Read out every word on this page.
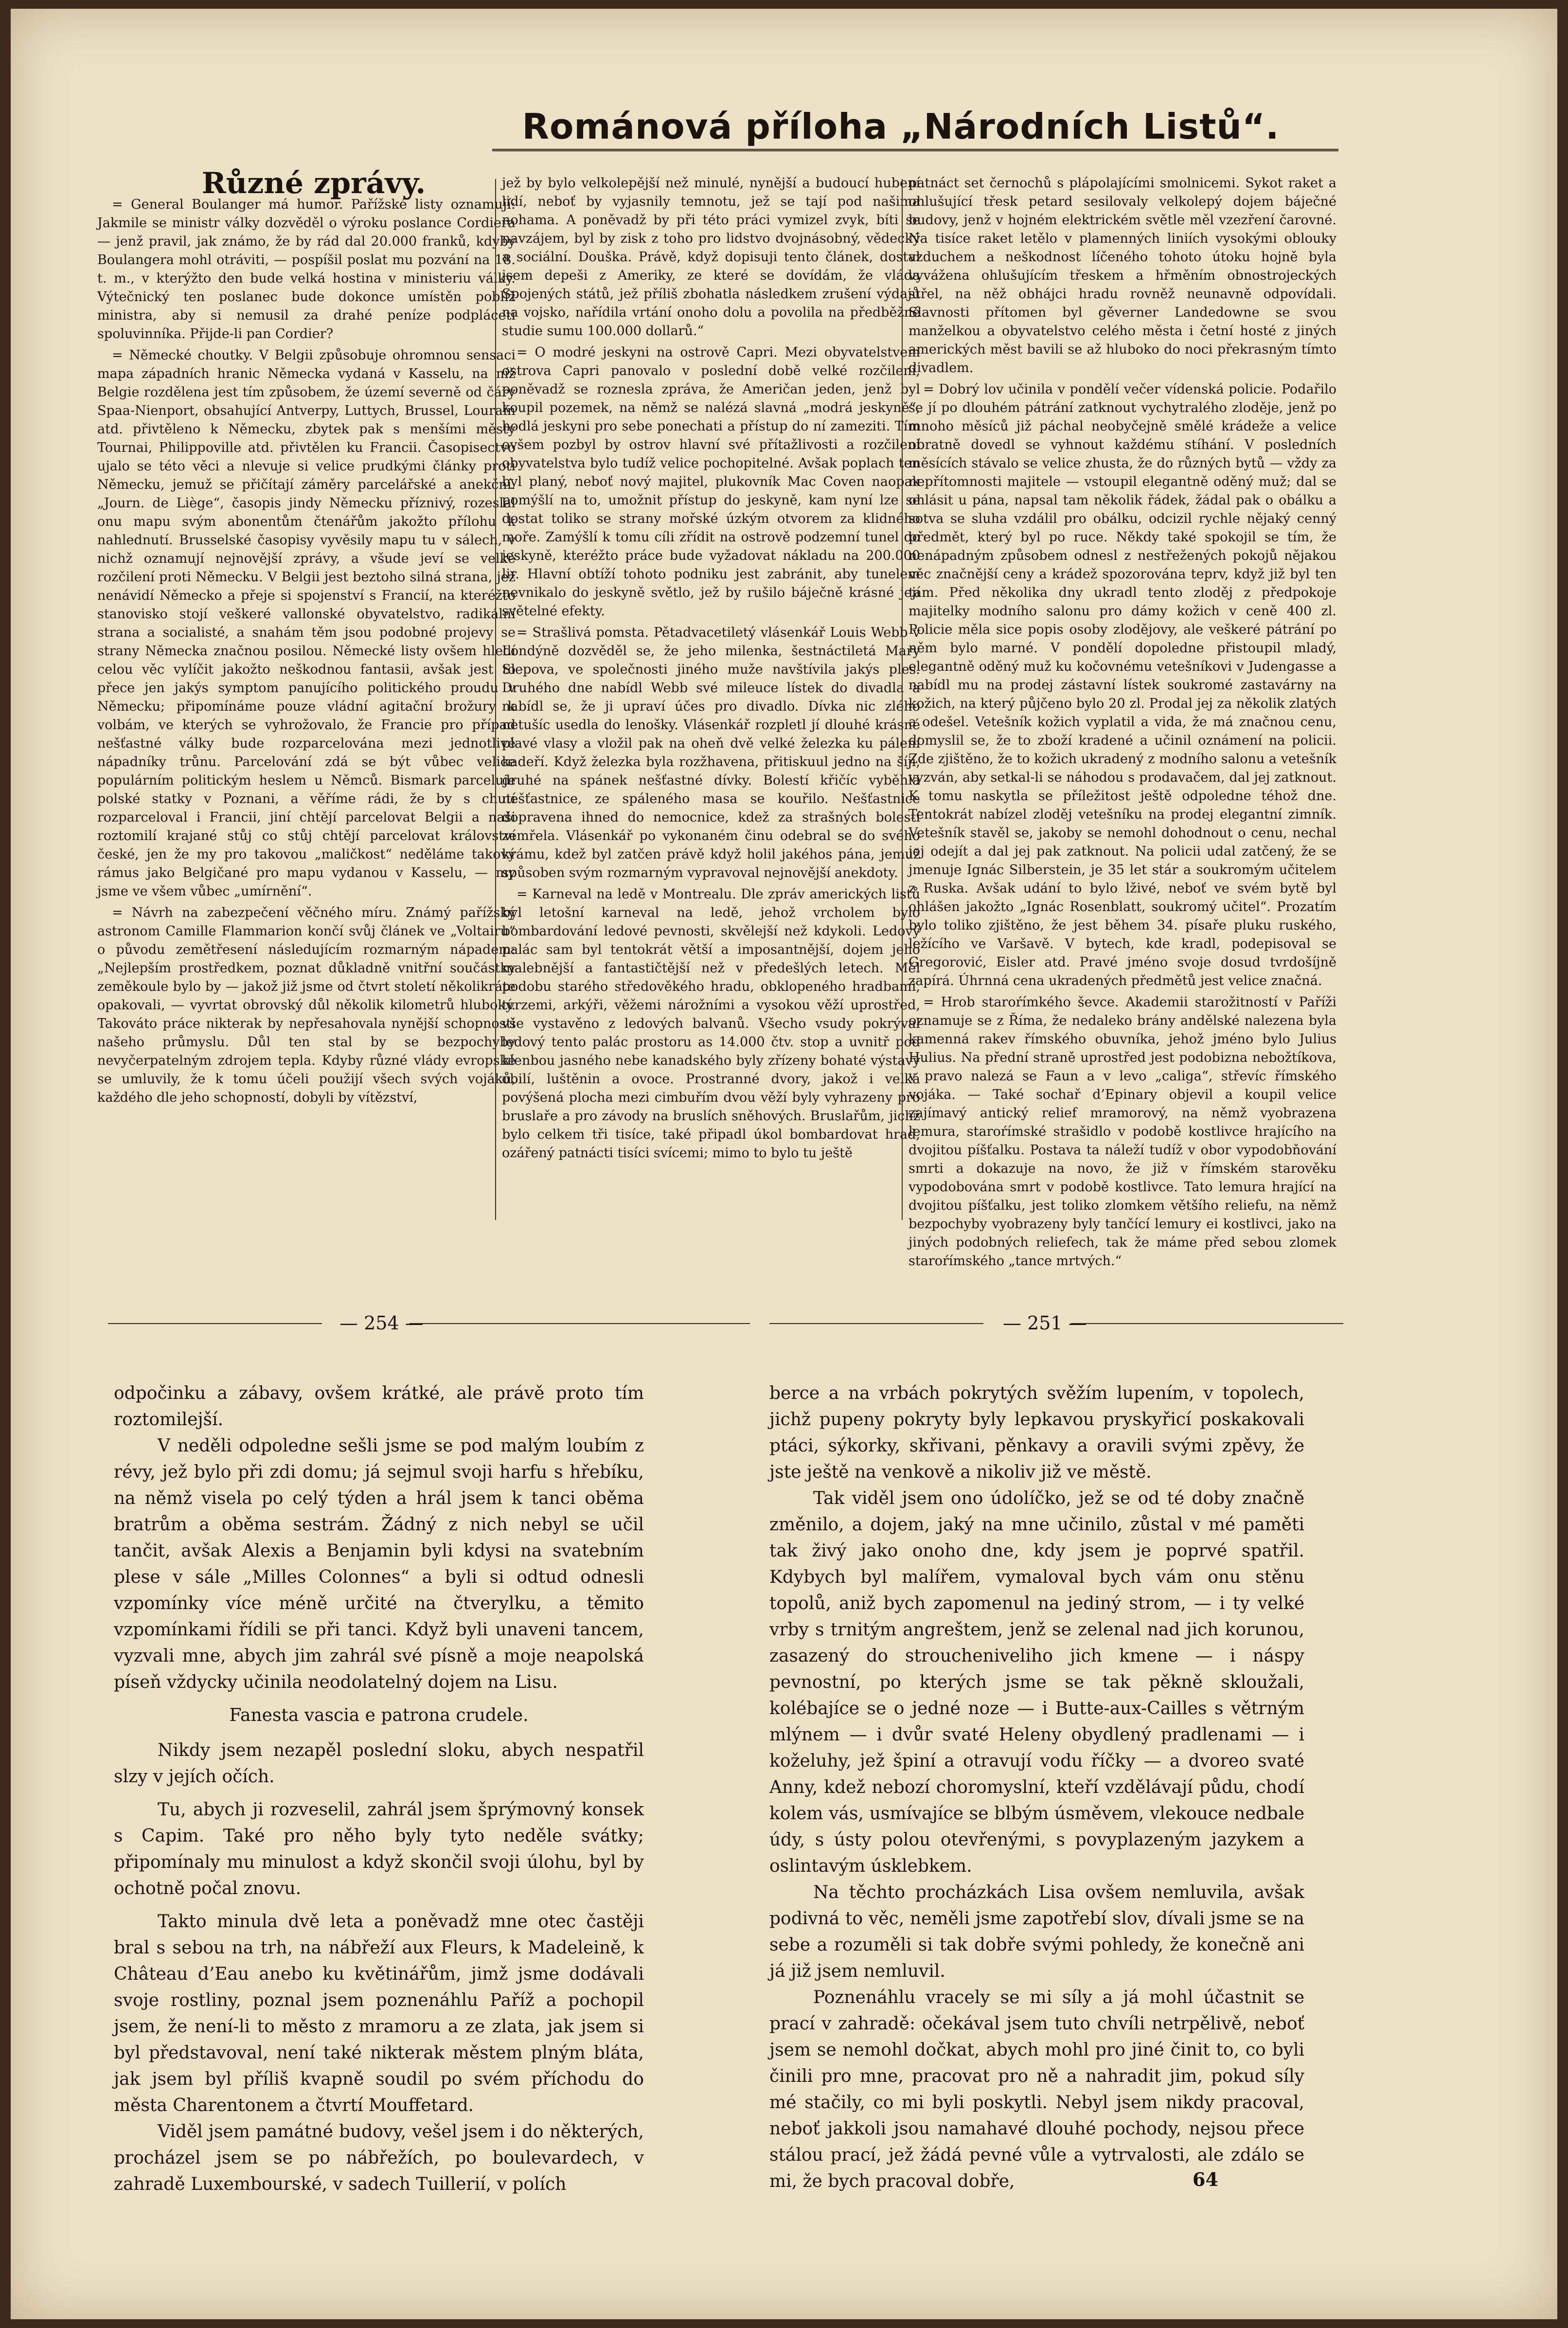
Románová příloha „Národních Listů“.

Různé zprávy.

= General Boulanger má humor. Pařížské listy oznamují: Jakmile se ministr války dozvěděl o výroku poslance Cordiera — jenž pravil, jak známo, že by rád dal 20.000 franků, kdyby Boulangera mohl otráviti, — pospíšil poslat mu pozvání na 18. t. m., v kterýžto den bude velká hostina v ministeriu války. Výtečnický ten poslanec bude dokonce umístěn poblíž ministra, aby si nemusil za drahé peníze podpláceti spoluvinníka. Přijde-li pan Cordier?

= Německé choutky. V Belgii způsobuje ohromnou sensaci mapa západních hranic Německa vydaná v Kasselu, na níž Belgie rozdělena jest tím způsobem, že území severně od čáry Spaa-Nienport, obsahující Antverpy, Luttych, Brussel, Lourain atd. přivtěleno k Německu, zbytek pak s menšími městy Tournai, Philippoville atd. přivtělen ku Francii. Časopisectvo ujalo se této věci a nlevuje si velice prudkými články proti Německu, jemuž se přičítají záměry parcelářské a anekční. „Journ. de Liège“, časopis jindy Německu příznivý, rozeslal onu mapu svým abonentům čtenářům jakožto přílohu k nahlednutí. Brusselské časopisy vyvěsily mapu tu v sálech, v nichž oznamují nejnovější zprávy, a všude jeví se velké rozčilení proti Německu. V Belgii jest beztoho silná strana, jež nenávidí Německo a přeje si spojenství s Francií, na kteréžto stanovisko stojí veškeré vallonské obyvatelstvo, radikální strana a socialisté, a snahám těm jsou podobné projevy se strany Německa značnou posilou. Německé listy ovšem hledí celou věc vylíčit jakožto neškodnou fantasii, avšak jest to přece jen jakýs symptom panujícího politického proudu v Německu; připomínáme pouze vládní agitační brožury k volbám, ve kterých se vyhrožovalo, že Francie pro případ nešťastné války bude rozparcelována mezi jednotlivé nápadníky trůnu. Parcelování zdá se být vůbec velice populárním politickým heslem u Němců. Bismark parceluje polské statky v Poznani, a věříme rádi, že by s chutí rozparceloval i Francii, jiní chtějí parcelovat Belgii a naši roztomilí krajané stůj co stůj chtějí parcelovat království české, jen že my pro takovou „maličkost“ neděláme takový rámus jako Belgičané pro mapu vydanou v Kasselu, — my jsme ve všem vůbec „umírnění“.

= Návrh na zabezpečení věčného míru. Známý pařížský astronom Camille Flammarion končí svůj článek ve „Voltairu“ o původu zemětřesení následujícím rozmarným nápadem: „Nejlepším prostředkem, poznat důkladně vnitřní součástky zeměkoule bylo by — jakož již jsme od čtvrt století několikráte opakovali, — vyvrtat obrovský důl několik kilometrů hluboký. Takováto práce nikterak by nepřesahovala nynější schopnosti našeho průmyslu. Důl ten stal by se bezpochyby nevyčerpatelným zdrojem tepla. Kdyby různé vlády evropské se umluvily, že k tomu účeli použijí všech svých vojáků, každého dle jeho schopností, dobyli by vítězství,

jež by bylo velkolepější než minulé, nynější a budoucí hubení lidí, neboť by vyjasnily temnotu, jež se tají pod našima nohama. A poněvadž by při této práci vymizel zvyk, bíti se navzájem, byl by zisk z toho pro lidstvo dvojnásobný, vědecký a sociální. Douška. Právě, když dopisuji tento článek, dostal jsem depeši z Ameriky, ze které se dovídám, že vláda Spojených států, jež příliš zbohatla následkem zrušení výdajů na vojsko, nařídila vrtání onoho dolu a povolila na předběžné studie sumu 100.000 dollarů.“

= O modré jeskyni na ostrově Capri. Mezi obyvatelstvem ostrova Capri panovalo v poslední době velké rozčilení, poněvadž se roznesla zpráva, že Američan jeden, jenž byl koupil pozemek, na němž se nalézá slavná „modrá jeskyně“, hodlá jeskyni pro sebe ponechati a přístup do ní zameziti. Tím ovšem pozbyl by ostrov hlavní své přítažlivosti a rozčilení obyvatelstva bylo tudíž velice pochopitelné. Avšak poplach ten byl planý, neboť nový majitel, plukovník Mac Coven naopak pomýšlí na to, umožnit přístup do jeskyně, kam nyní lze se dostat toliko se strany mořské úzkým otvorem za klidného moře. Zamýšlí k tomu cíli zřídit na ostrově podzemní tunel do jeskyně, kteréžto práce bude vyžadovat nákladu na 200.000 lir. Hlavní obtíží tohoto podniku jest zabránit, aby tunelem nevnikalo do jeskyně světlo, jež by rušilo báječně krásné její světelné efekty.

= Strašlivá pomsta. Pětadvacetiletý vlásenkář Louis Webb v Londýně dozvěděl se, že jeho milenka, šestnáctiletá Mary Slepova, ve společnosti jiného muže navštívila jakýs ples. Druhého dne nabídl Webb své mileuce lístek do divadla a nabídl se, že ji upraví účes pro divadlo. Dívka nic zlého netušíc usedla do lenošky. Vlásenkář rozpletl jí dlouhé krásné plavé vlasy a vložil pak na oheň dvě velké železka ku pálení kadeří. Když železka byla rozžhavena, přitiskuul jedno na šíji, druhé na spánek nešťastné dívky. Bolestí křičíc vyběhla nešťastnice, ze spáleného masa se kouřilo. Nešťastnice dopravena ihned do nemocnice, kdež za strašných bolestí zemřela. Vlásenkář po vykonaném činu odebral se do svého krámu, kdež byl zatčen právě když holil jakéhos pána, jemuž spůsoben svým rozmarným vypravoval nejnovější anekdoty.

= Karneval na ledě v Montrealu. Dle zpráv amerických listů byl letošní karneval na ledě, jehož vrcholem bylo bombardování ledové pevnosti, skvělejší než kdykoli. Ledový palác sam byl tentokrát větší a imposantnější, dojem jeho malebnější a fantastičtější než v předešlých letech. Měl podobu starého středověkého hradu, obklopeného hradbami, tvrzemi, arkýři, věžemi nárožními a vysokou věží uprostřed, vše vystavěno z ledových balvanů. Všecho vsudy pokrýval ledový tento palác prostoru as 14.000 čtv. stop a uvnitř pod klenbou jasného nebe kanadského byly zřízeny bohaté výstavy obilí, luštěnin a ovoce. Prostranné dvory, jakož i velká povýšená plocha mezi cimbuřím dvou věží byly vyhrazeny pro bruslaře a pro závody na bruslích sněhových. Bruslařům, jichž bylo celkem tři tisíce, také připadl úkol bombardovat hrad, ozářený patnácti tisíci svícemi; mimo to bylo tu ještě

patnáct set černochů s plápolajícími smolnicemi. Sykot raket a ohlušující třesk petard sesilovaly velkolepý dojem báječné budovy, jenž v hojném elektrickém světle měl vzezření čarovné. Na tisíce raket letělo v plamenných liniích vysokými oblouky vzduchem a neškodnost líčeného tohoto útoku hojně byla vyvážena ohlušujícím třeskem a hřměním obnostrojeckých střel, na něž obhájci hradu rovněž neunavně odpovídali. Slavnosti přítomen byl gěverner Landedowne se svou manželkou a obyvatelstvo celého města i četní hosté z jiných amerických měst bavili se až hluboko do noci překrasným tímto divadlem.

= Dobrý lov učinila v pondělí večer vídenská policie. Podařilo se jí po dlouhém pátrání zatknout vychytralého zloděje, jenž po mnoho měsíců již páchal neobyčejně smělé krádeže a velice obratně dovedl se vyhnout každému stíhání. V posledních měsících stávalo se velice zhusta, že do různých bytů — vždy za nepřítomnosti majitele — vstoupil elegantně oděný muž; dal se ohlásit u pána, napsal tam několik řádek, žádal pak o obálku a sotva se sluha vzdálil pro obálku, odcizil rychle nějaký cenný předmět, který byl po ruce. Někdy také spokojil se tím, že nenápadným způsobem odnesl z nestřežených pokojů nějakou věc značnější ceny a krádež spozorována teprv, když již byl ten tam. Před několika dny ukradl tento zloděj z předpokoje majitelky modního salonu pro dámy kožich v ceně 400 zl. Policie měla sice popis osoby zlodějovy, ale veškeré pátrání po něm bylo marné. V pondělí dopoledne přistoupil mladý, elegantně oděný muž ku kočovnému vetešníkovi v Judengasse a nabídl mu na prodej zástavní lístek soukromé zastavárny na kožich, na který půjčeno bylo 20 zl. Prodal jej za několik zlatých a odešel. Vetešník kožich vyplatil a vida, že má značnou cenu, domyslil se, že to zboží kradené a učinil oznámení na policii. Zde zjištěno, že to kožich ukradený z modního salonu a vetešník vyzván, aby setkal-li se náhodou s prodavačem, dal jej zatknout. K tomu naskytla se příležitost ještě odpoledne téhož dne. Tentokrát nabízel zloděj vetešníku na prodej elegantní zimník. Vetešník stavěl se, jakoby se nemohl dohodnout o cenu, nechal jej odejít a dal jej pak zatknout. Na policii udal zatčený, že se jmenuje Ignác Silberstein, je 35 let stár a soukromým učitelem z Ruska. Avšak udání to bylo lživé, neboť ve svém bytě byl ohlášen jakožto „Ignác Rosenblatt, soukromý učitel“. Prozatím bylo toliko zjištěno, že jest během 34. písaře pluku ruského, ležícího ve Varšavě. V bytech, kde kradl, podepisoval se Gregorović, Eisler atd. Pravé jméno svoje dosud tvrdošíjně zapírá. Úhrnná cena ukradených předmětů jest velice značná.

= Hrob staroŕímkého ševce. Akademii starožitností v Paříži oznamuje se z Říma, že nedaleko brány andělské nalezena byla kamenná rakev římského obuvníka, jehož jméno bylo Julius Hulius. Na přední straně uprostřed jest podobizna nebožtíkova, v pravo nalezá se Faun a v levo „caliga“, střevíc římského vojáka. — Také sochař d’Epinary objevil a koupil velice zajímavý antický relief mramorový, na němž vyobrazena lemura, staroŕímské strašidlo v podobě kostlivce hrajícího na dvojitou píšťalku. Postava ta náleží tudíž v obor vypodobňování smrti a dokazuje na novo, že již v římském starověku vypodobována smrt v podobě kostlivce. Tato lemura hrající na dvojitou píšťalku, jest toliko zlomkem většího reliefu, na němž bezpochyby vyobrazeny byly tančící lemury ei kostlivci, jako na jiných podobných reliefech, tak že máme před sebou zlomek staroŕímského „tance mrtvých.“

— 254 —	— 251 —

odpočinku a zábavy, ovšem krátké, ale právě proto tím roztomilejší.

V neděli odpoledne sešli jsme se pod malým loubím z révy, jež bylo při zdi domu; já sejmul svoji harfu s hřebíku, na němž visela po celý týden a hrál jsem k tanci oběma bratrům a oběma sestrám. Žádný z nich nebyl se učil tančit, avšak Alexis a Benjamin byli kdysi na svatebním plese v sále „Milles Colonnes“ a byli si odtud odnesli vzpomínky více méně určité na čtverylku, a těmito vzpomínkami řídili se při tanci. Když byli unaveni tancem, vyzvali mne, abych jim zahrál své písně a moje neapolská píseň vždycky učinila neodolatelný dojem na Lisu.

Fanesta vascia e patrona crudele.

Nikdy jsem nezapěl poslední sloku, abych nespatřil slzy v jejích očích.

Tu, abych ji rozveselil, zahrál jsem šprýmovný konsek s Capim. Také pro něho byly tyto neděle svátky; připomínaly mu minulost a když skončil svoji úlohu, byl by ochotně počal znovu.

Takto minula dvě leta a poněvadž mne otec častěji bral s sebou na trh, na nábřeží aux Fleurs, k Madeleině, k Château d’Eau anebo ku květinářům, jimž jsme dodávali svoje rostliny, poznal jsem poznenáhlu Paříž a pochopil jsem, že není-li to město z mramoru a ze zlata, jak jsem si byl představoval, není také nikterak městem plným bláta, jak jsem byl příliš kvapně soudil po svém příchodu do města Charentonem a čtvrtí Mouffetard.

Viděl jsem památné budovy, vešel jsem i do některých, procházel jsem se po nábřežích, po boulevardech, v zahradě Luxembourské, v sadech Tuillerií, v polích

berce a na vrbách pokrytých svěžím lupením, v topolech, jichž pupeny pokryty byly lepkavou pryskyřicí poskakovali ptáci, sýkorky, skřivani, pěnkavy a oravili svými zpěvy, že jste ještě na venkově a nikoliv již ve městě.

Tak viděl jsem ono údolíčko, jež se od té doby značně změnilo, a dojem, jaký na mne učinilo, zůstal v mé paměti tak živý jako onoho dne, kdy jsem je poprvé spatřil. Kdybych byl malířem, vymaloval bych vám onu stěnu topolů, aniž bych zapomenul na jediný strom, — i ty velké vrby s trnitým angreštem, jenž se zelenal nad jich korunou, zasazený do stroucheniveliho jich kmene — i náspy pevnostní, po kterých jsme se tak pěkně skloužali, kolébajíce se o jedné noze — i Butte-aux-Cailles s větrným mlýnem — i dvůr svaté Heleny obydlený pradlenami — i koželuhy, jež špiní a otravují vodu říčky — a dvoreo svaté Anny, kdež nebozí choromyslní, kteří vzdělávají půdu, chodí kolem vás, usmívajíce se blbým úsměvem, vlekouce nedbale údy, s ústy polou otevřenými, s povyplazeným jazykem a oslintavým úsklebkem.

Na těchto procházkách Lisa ovšem nemluvila, avšak podivná to věc, neměli jsme zapotřebí slov, dívali jsme se na sebe a rozuměli si tak dobře svými pohledy, že konečně ani já již jsem nemluvil.

Poznenáhlu vracely se mi síly a já mohl účastnit se prací v zahradě: očekával jsem tuto chvíli netrpělivě, neboť jsem se nemohl dočkat, abych mohl pro jiné činit to, co byli činili pro mne, pracovat pro ně a nahradit jim, pokud síly mé stačily, co mi byli poskytli. Nebyl jsem nikdy pracoval, neboť jakkoli jsou namahavé dlouhé pochody, nejsou přece stálou prací, jež žádá pevné vůle a vytrvalosti, ale zdálo se mi, že bych pracoval dobře,	64
